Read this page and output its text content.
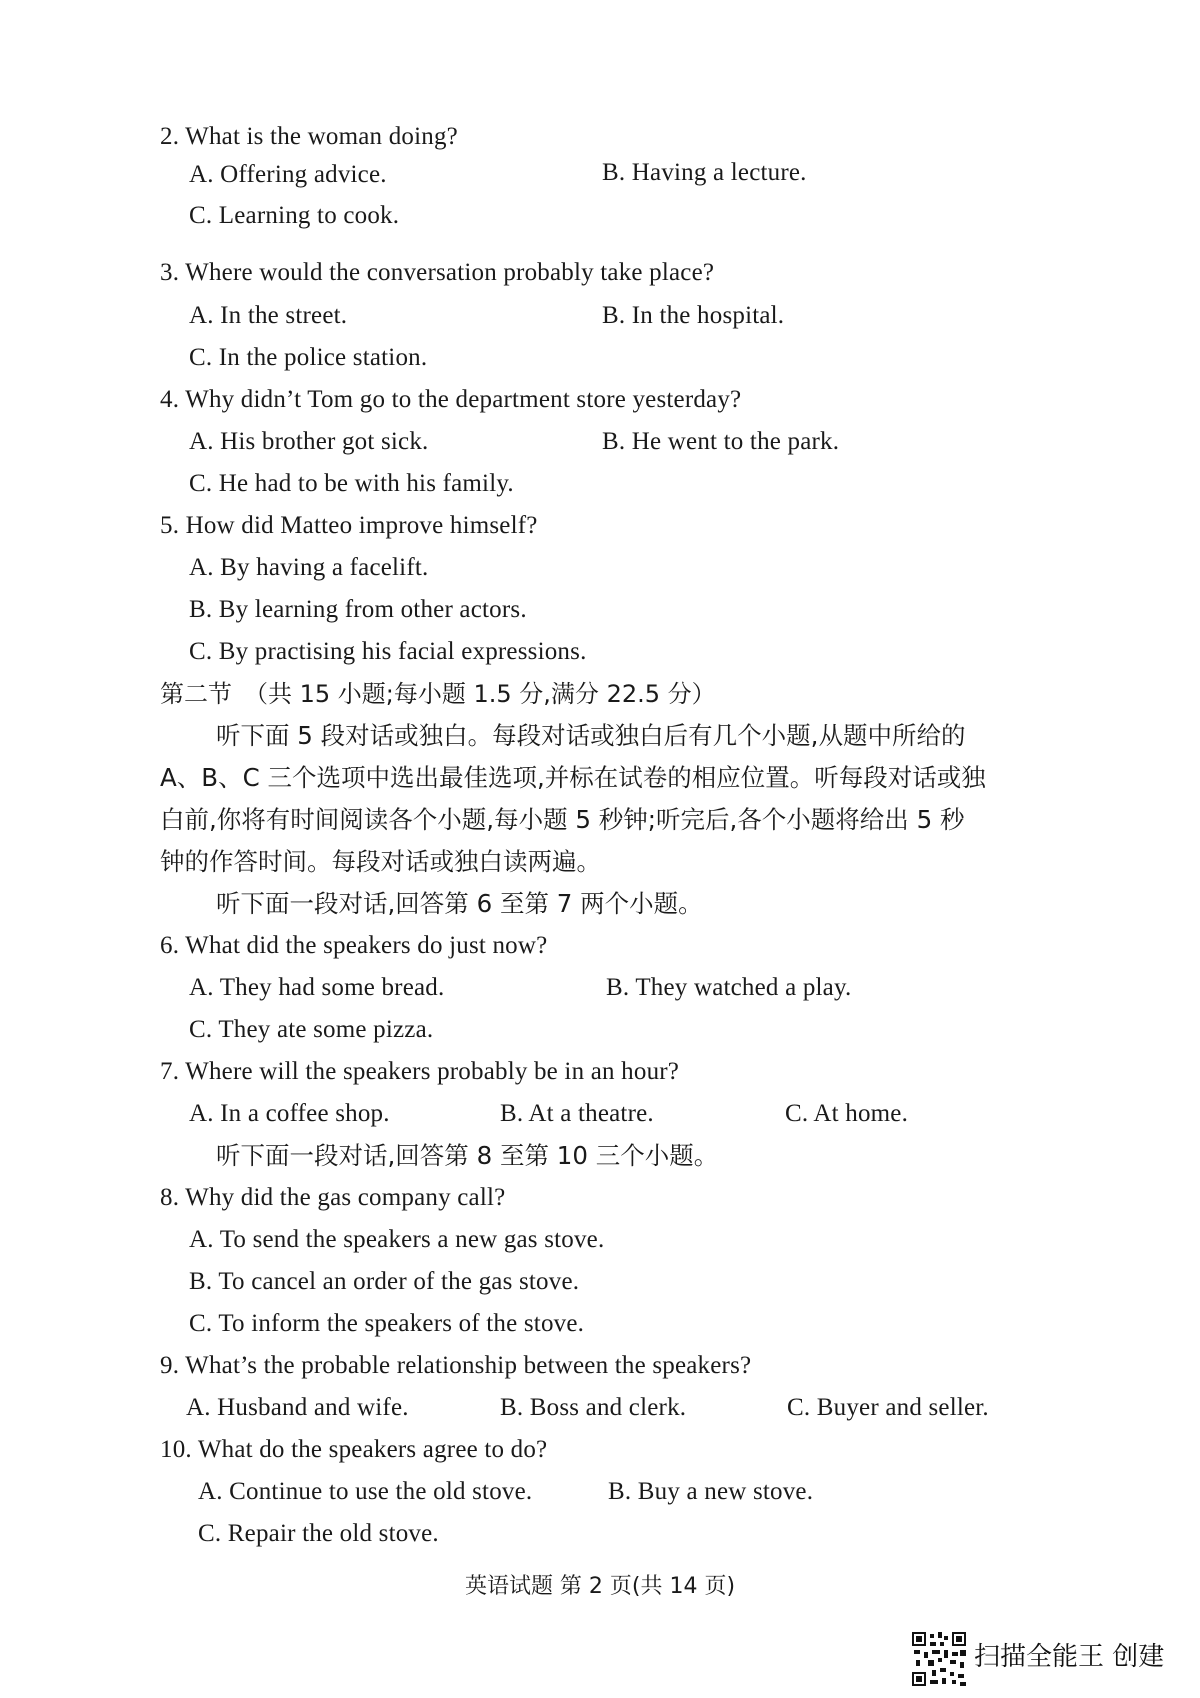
2. What is the woman doing?
A. Offering advice.	B. Having a lecture.
C. Learning to cook.
3. Where would the conversation probably take place?
A. In the street.	B. In the hospital.
C. In the police station.
4. Why didn’t Tom go to the department store yesterday?
A. His brother got sick.	B. He went to the park.
C. He had to be with his family.
5. How did Matteo improve himself?
A. By having a facelift.
B. By learning from other actors.
C. By practising his facial expressions.
第二节　（共 15 小题;每小题 1.5 分,满分 22.5 分）
听下面 5 段对话或独白。每段对话或独白后有几个小题,从题中所给的
A、B、C 三个选项中选出最佳选项,并标在试卷的相应位置。听每段对话或独
白前,你将有时间阅读各个小题,每小题 5 秒钟;听完后,各个小题将给出 5 秒
钟的作答时间。每段对话或独白读两遍。
听下面一段对话,回答第 6 至第 7 两个小题。
6. What did the speakers do just now?
A. They had some bread.	B. They watched a play.
C. They ate some pizza.
7. Where will the speakers probably be in an hour?
A. In a coffee shop.	B. At a theatre.	C. At home.
听下面一段对话,回答第 8 至第 10 三个小题。
8. Why did the gas company call?
A. To send the speakers a new gas stove.
B. To cancel an order of the gas stove.
C. To inform the speakers of the stove.
9. What’s the probable relationship between the speakers?
A. Husband and wife.	B. Boss and clerk.	C. Buyer and seller.
10. What do the speakers agree to do?
A. Continue to use the old stove.	B. Buy a new stove.
C. Repair the old stove.
英语试题 第 2 页(共 14 页)
扫描全能王 创建
